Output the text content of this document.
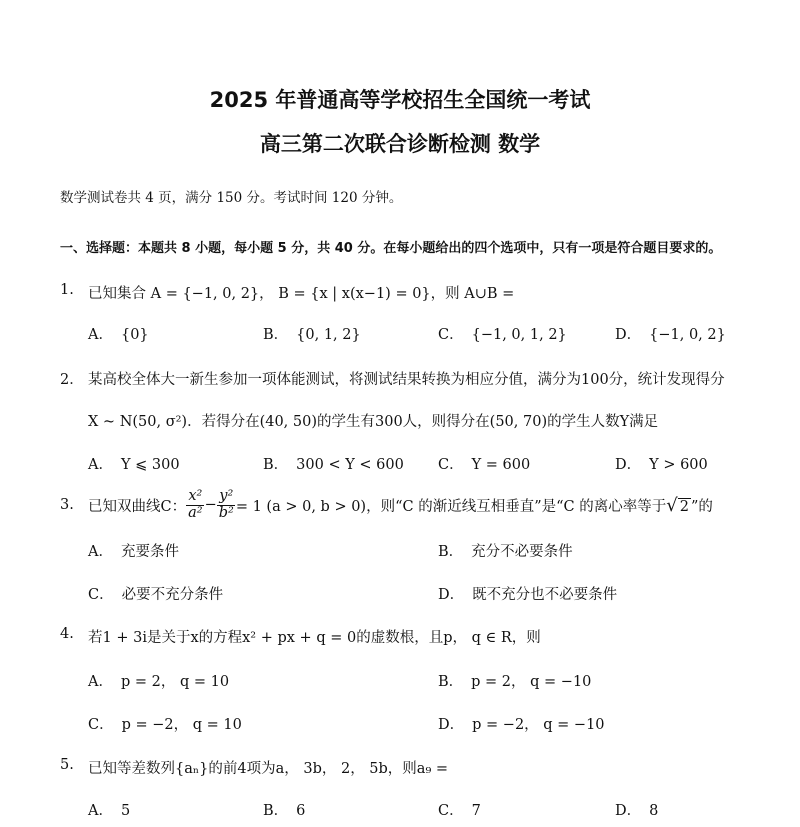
2025 年普通高等学校招生全国统一考试
高三第二次联合诊断检测 数学
数学测试卷共 4 页，满分 150 分。考试时间 120 分钟。
一、选择题：本题共 8 小题，每小题 5 分，共 40 分。在每小题给出的四个选项中，只有一项是符合题目要求的。
1. 已知集合 A = {−1, 0, 2}， B = {x | x(x−1) = 0}，则 A∪B =
A． {0}	B． {0, 1, 2}	C． {−1, 0, 1, 2}	D． {−1, 0, 2}
2． 某高校全体大一新生参加一项体能测试，将测试结果转换为相应分值，满分为100分，统计发现得分
X ~ N(50, σ²)．若得分在(40, 50)的学生有300人，则得分在(50, 70)的学生人数Y满足
A． Y ⩽ 300	B． 300 < Y < 600 C． Y = 600	D． Y > 600
3. 已知双曲线C： $\frac{\text{x²}}{\text{a²}} - \frac{\text{y²}}{\text{b²}} = 1$ (a > 0, b > 0)，则“C 的渐近线互相垂直”是“C 的离心率等于 √ 2 ”的
A． 充要条件	B． 充分不必要条件
C． 必要不充分条件	D． 既不充分也不必要条件
4. 若1 + 3i是关于x的方程x² + px + q = 0的虚数根，且p， q ∈ R，则
A． p = 2， q = 10	B． p = 2， q = −10
C． p = −2， q = 10	D． p = −2， q = −10
5. 已知等差数列{aₙ}的前4项为a， 3b， 2， 5b，则a₉ =
A． 5	B． 6	C． 7	D． 8
